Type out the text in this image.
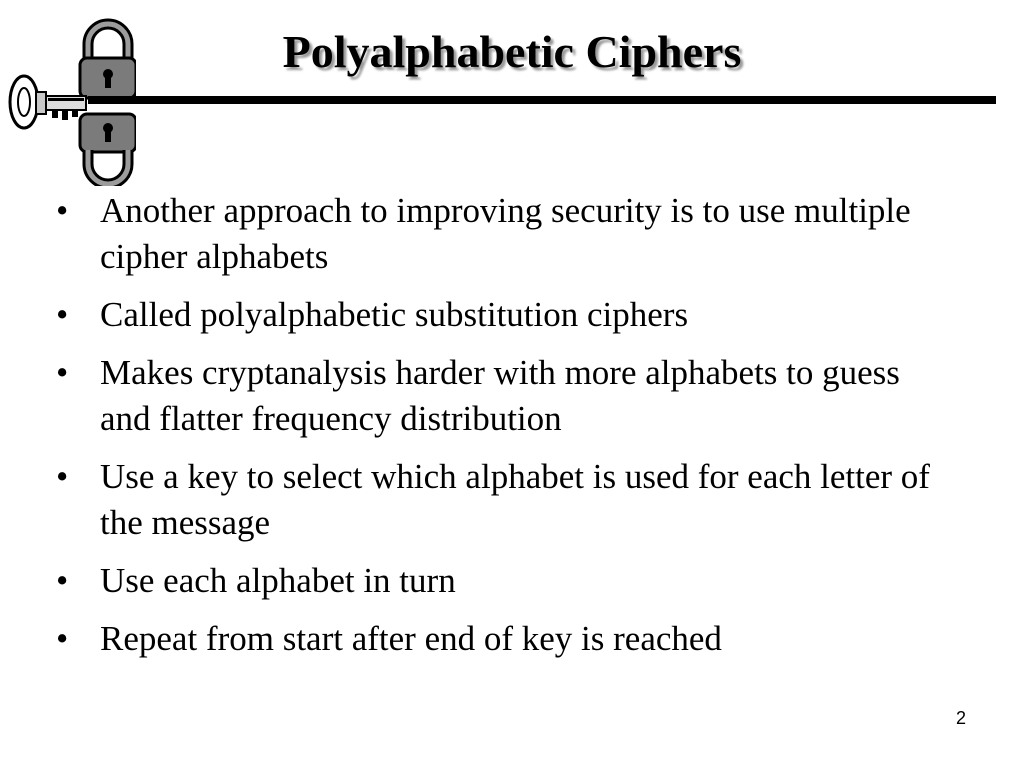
Polyalphabetic Ciphers
• Another approach to improving security is to use multiple cipher alphabets
• Called polyalphabetic substitution ciphers
• Makes cryptanalysis harder with more alphabets to guess and flatter frequency distribution
• Use a key to select which alphabet is used for each letter of the message
• Use each alphabet in turn
• Repeat from start after end of key is reached
2
